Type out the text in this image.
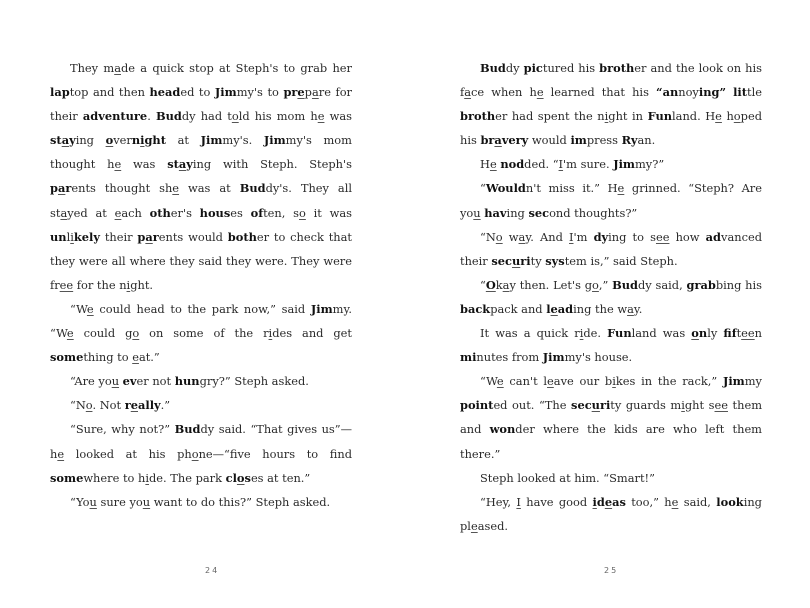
They made a quick stop at Steph's to grab her laptop and then headed to Jimmy's to prepare for their adventure. Buddy had told his mom he was staying overnight at Jimmy's. Jimmy's mom thought he was staying with Steph. Steph's parents thought she was at Buddy's. They all stayed at each other's houses often, so it was unlikely their parents would bother to check that they were all where they said they were. They were free for the night.

“We could head to the park now,” said Jimmy. “We could go on some of the rides and get something to eat.”

“Are you ever not hungry?” Steph asked.

“No. Not really.”

“Sure, why not?” Buddy said. “That gives us”—he looked at his phone—“fve hours to fnd somewhere to hide. The park closes at ten.”

“You sure you want to do this?” Steph asked.

Buddy pictured his brother and the look on his face when he learned that his “annoying” little brother had spent the night in Funland. He hoped his bravery would impress Ryan.

He nodded. “I'm sure. Jimmy?”

“Wouldn't miss it.” He grinned. “Steph? Are you having second thoughts?”

“No way. And I'm dying to see how advanced their security system is,” said Steph.

“Okay then. Let's go,” Buddy said, grabbing his backpack and leading the way.

It was a quick ride. Funland was only fifteen minutes from Jimmy's house.

“We can't leave our bikes in the rack,” Jimmy pointed out. “The security guards might see them and wonder where the kids are who left them there.”

Steph looked at him. “Smart!”

“Hey, I have good ideas too,” he said, looking pleased.

24	25
